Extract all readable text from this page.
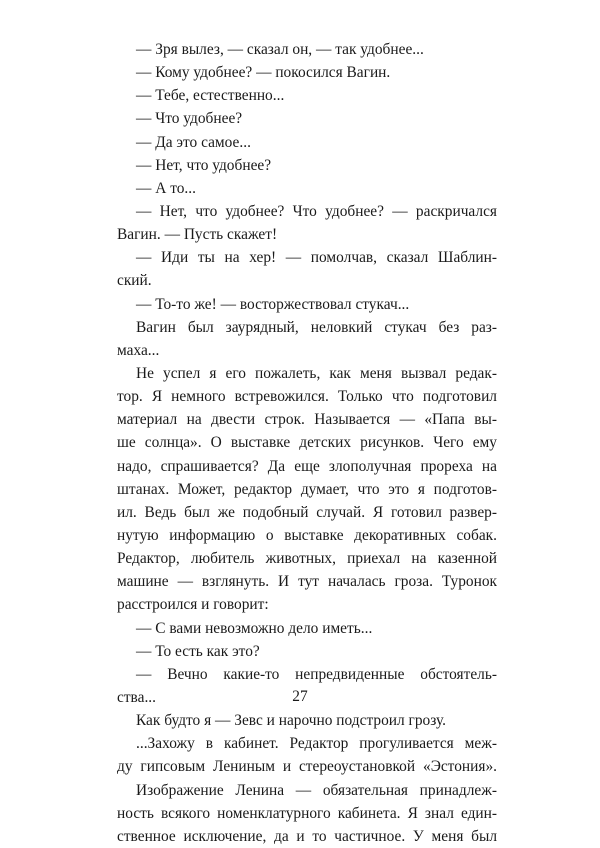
— Зря вылез, — сказал он, — так удобнее...
— Кому удобнее? — покосился Вагин.
— Тебе, естественно...
— Что удобнее?
— Да это самое...
— Нет, что удобнее?
— А то...
— Нет, что удобнее? Что удобнее? — раскричался
Вагин. — Пусть скажет!
— Иди ты на хер! — помолчав, сказал Шаблин-
ский.
— То-то же! — восторжествовал стукач...
Вагин был заурядный, неловкий стукач без раз-
маха...
Не успел я его пожалеть, как меня вызвал редак-
тор. Я немного встревожился. Только что подготовил
материал на двести строк. Называется — «Папа вы-
ше солнца». О выставке детских рисунков. Чего ему
надо, спрашивается? Да еще злополучная прореха на
штанах. Может, редактор думает, что это я подготов-
ил. Ведь был же подобный случай. Я готовил развер-
нутую информацию о выставке декоративных собак.
Редактор, любитель животных, приехал на казенной
машине — взглянуть. И тут началась гроза. Туронок
расстроился и говорит:
— С вами невозможно дело иметь...
— То есть как это?
— Вечно какие-то непредвиденные обстоятель-
ства...
Как будто я — Зевс и нарочно подстроил грозу.
...Захожу в кабинет. Редактор прогуливается меж-
ду гипсовым Лениным и стереоустановкой «Эстония».
Изображение Ленина — обязательная принадлеж-
ность всякого номенклатурного кабинета. Я знал един-
ственное исключение, да и то частичное. У меня был
27
